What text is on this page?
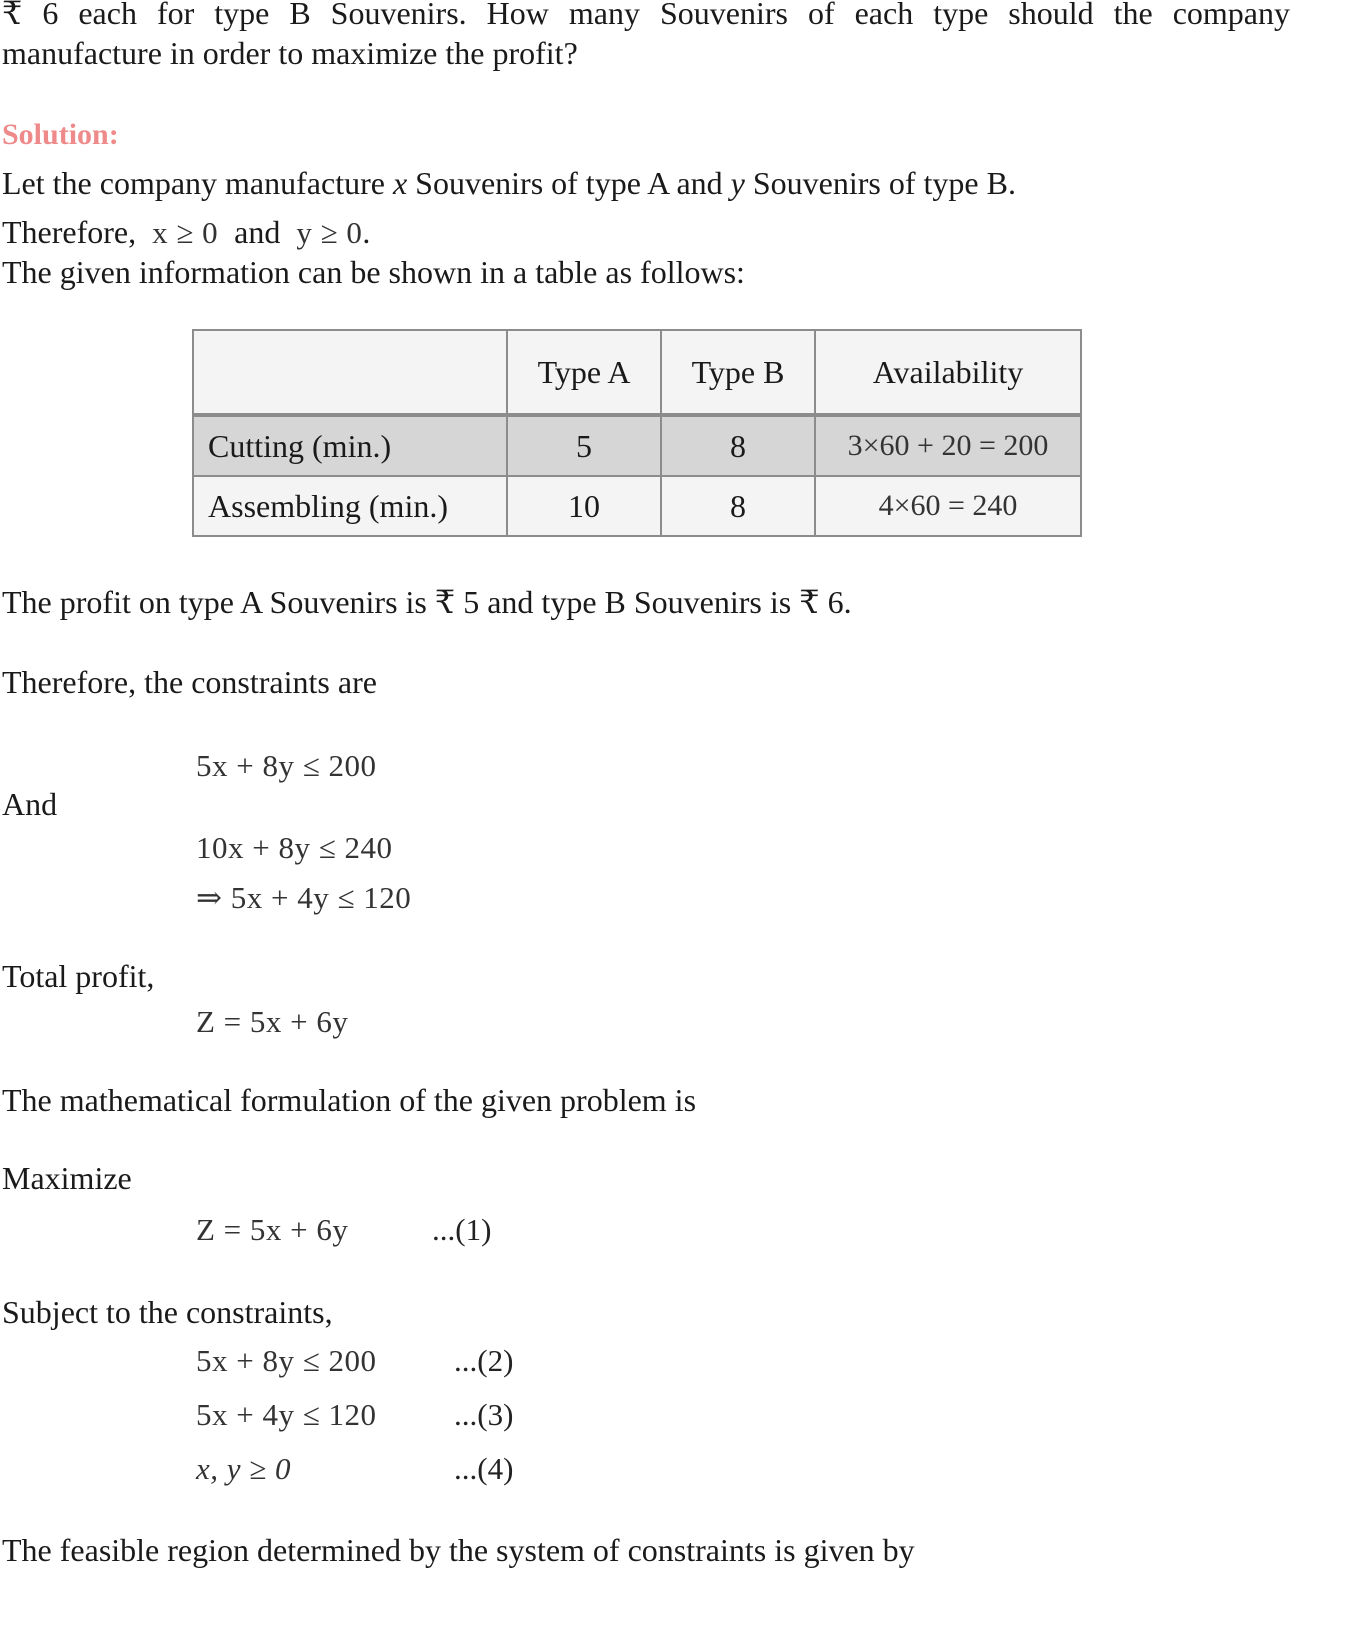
₹ 6 each for type B Souvenirs. How many Souvenirs of each type should the company
manufacture in order to maximize the profit?
Solution:
Let the company manufacture x Souvenirs of type A and y Souvenirs of type B.
Therefore, x ≥ 0 and y ≥ 0.
The given information can be shown in a table as follows:
	Type A	Type B	Availability
Cutting (min.)	5	8	3×60 + 20 = 200
Assembling (min.)	10	8	4×60 = 240
The profit on type A Souvenirs is ₹ 5 and type B Souvenirs is ₹ 6.
Therefore, the constraints are
5x + 8y ≤ 200
And
10x + 8y ≤ 240
⇒ 5x + 4y ≤ 120
Total profit,
Z = 5x + 6y
The mathematical formulation of the given problem is
Maximize
Z = 5x + 6y	...(1)
Subject to the constraints,
5x + 8y ≤ 200	...(2)
5x + 4y ≤ 120	...(3)
x, y ≥ 0	...(4)
The feasible region determined by the system of constraints is given by
